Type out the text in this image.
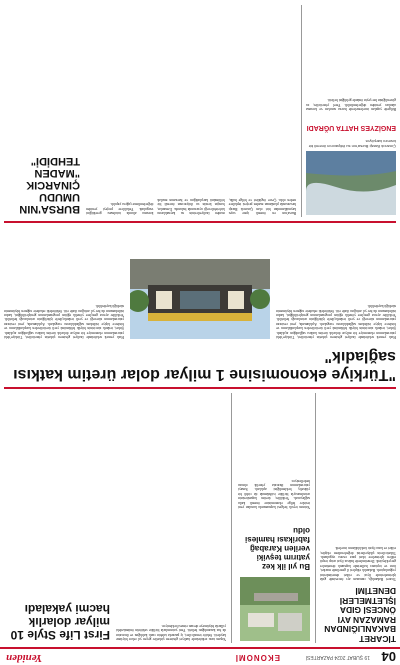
04
19 ŞUBAT 2024 PAZARTESİ
EKONOMİ
Yeniden
TİCARET BAKANLIĞINDAN RAMAZAN AYI ÖNCESİ GIDA İŞLETMELERİ DENETİMİ
Ticaret Bakanlığı, ramazan ayı öncesinde gıda işletmelerinde fiyat ve etiket denetimlerini yoğunlaştırdı. Bakanlık ekipleri il genelinde market, fırın ve toptancı hallerinde kapsamlı denetimler gerçekleştirdi. Denetimlerde haksız fiyat artışı tespit edilen işletmelere idari para cezası uygulandı. Tüketicilerin şikâyetlerini değerlendiren ekipler, etiket ve kasa fiyatı farklılıklarını inceledi.
Bu yıl ilk kez yatırım teşviki verilen Karabağ fabrikası hamlesi oldu
Yatırım teşvik belgesi kapsamında kurulan yeni tesisler bölge ekonomisine önemli katkı sağlayacak. Yetkililer, üretim kapasitesinin artırılmasıyla birlikte istihdamda da ciddi bir yükseliş beklendiğini açıkladı. Sanayi yatırımlarının ihracata yönelik olması hedefleniyor.
Yaşam tarzı sektöründe faaliyet gösteren şirketler geçen yıl rekor büyüme kaydetti. Sektör temsilcileri, iç pazarda talebin canlı kaldığını ve ihracatın da hız kazandığını belirtti. Yeni yatırımlarla birlikte sektörün önümüzdeki yıllarda büyümeye devam etmesi bekleniyor.
First Life Style 10 milyar dolarlık hacmi yakaladı
"Türkiye ekonomisine 1 milyar dolar üretim katkısı sağladık"
Hızlı yemek sektöründe faaliyet gösteren şirketin yöneticileri, Türkiye'deki yatırımlarının ekonomiye bir milyar dolarlık üretim katkısı sağladığını açıkladı. Şirket, tedarik zincirinin büyük bölümünü yerli üreticilerden karşıladıklarını ve binlerce kişiye istihdam sağladıklarını vurguladı. Açıklamada, yeni restoran yatırımlarının süreceği ve yerli tedarikçilerle işbirliğinin artırılacağı belirtildi. Yetkililer ayrıca gençlere yönelik eğitim programlarının genişletildiğini, kadın istihdamının da her yıl arttığını ifade etti. Sektördeki rekabete rağmen büyümenin sürdüğü kaydedildi.
Hızlı yemek sektöründe faaliyet gösteren şirketin yöneticileri, Türkiye'deki yatırımlarının ekonomiye bir milyar dolarlık üretim katkısı sağladığını açıkladı. Şirket, tedarik zincirinin büyük bölümünü yerli üreticilerden karşıladıklarını ve binlerce kişiye istihdam sağladıklarını vurguladı. Açıklamada, yeni restoran yatırımlarının süreceği ve yerli tedarikçilerle işbirliğinin artırılacağı belirtildi. Yetkililer ayrıca gençlere yönelik eğitim programlarının genişletildiğini, kadın istihdamının da her yıl arttığını ifade etti. Sektördeki rekabete rağmen büyümenin sürdüğü kaydedildi.
Çınarcık Barajı Bursa'nın su ihtiyacının önemli bir kısmını karşılıyor.
ENGİZYES HATTA UĞRADI
Bölgede yapılan incelemelerde havza sınırları ve koruma alanları yeniden değerlendirildi. Yerel yöneticiler, su güvenliğinin her şeyin önünde geldiğini belirtti.
Bursa'nın en önemli içme suyu kaynaklarından biri olan Çınarcık Barajı havzasında planlanan maden projesi tepkilere neden oldu. Çevre örgütleri ve bölge halkı, maden faaliyetlerinin su kaynaklarını kirletebileceği uyarısında bulundu. Uzmanlar, barajın kentin su ihtiyacının önemli bir bölümünü karşıladığını ve havzanın mutlak koruma altında tutulması gerektiğini vurguladı. Yetkililere projeyi yeniden değerlendirme çağrısı yapıldı.
BURSA'NIN UMUDU ÇINARCIK "MADEN TEHDİDİ"
